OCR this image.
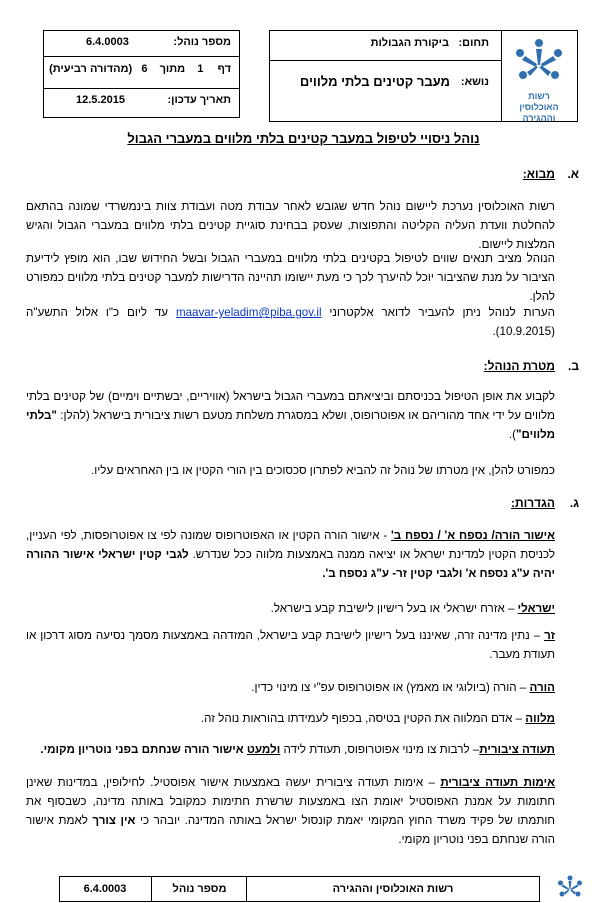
רשות האוכלוסין וההגירה
תחום:
ביקורת הגבולות
נושא:
מעבר קטינים בלתי מלווים
מספר נוהל:
6.4.0003
דף  1  מתוך  6  (מהדורה רביעית)
תאריך עדכון:
12.5.2015
נוהל ניסויי לטיפול במעבר קטינים בלתי מלווים במעברי הגבול
א.
מבוא:
רשות האוכלוסין נערכת ליישום נוהל חדש שגובש לאחר עבודת מטה ועבודת צוות בינמשרדי שמונה בהתאם להחלטת וועדת העליה הקליטה והתפוצות, שעסק בבחינת סוגיית קטינים בלתי מלווים במעברי הגבול והגיש המלצות ליישום.
הנוהל מציב תנאים שווים לטיפול בקטינים בלתי מלווים במעברי הגבול ובשל החידוש שבו, הוא מופץ לידיעת הציבור על מנת שהציבור יוכל להיערך לכך כי מעת יישומו תהיינה הדרישות למעבר קטינים בלתי מלווים כמפורט להלן.
הערות לנוהל ניתן להעביר לדואר אלקטרוני maavar-yeladim@piba.gov.il עד ליום כ"ו אלול התשע"ה (10.9.2015).
ב.
מטרת הנוהל:
לקבוע את אופן הטיפול בכניסתם וביציאתם במעברי הגבול בישראל (אוויריים, יבשתיים וימיים) של קטינים בלתי מלווים על ידי אחד מהוריהם או אפוטרופוס, ושלא במסגרת משלחת מטעם רשות ציבורית בישראל (להלן: "בלתי מלווים").
כמפורט להלן, אין מטרתו של נוהל זה להביא לפתרון סכסוכים בין הורי הקטין או בין האחראים עליו.
ג.
הגדרות:
אישור הורה/ נספח א' / נספח ב' - אישור הורה הקטין או האפוטרופוס שמונה לפי צו אפוטרופסות, לפי העניין, לכניסת הקטין למדינת ישראל או יציאה ממנה באמצעות מלווה ככל שנדרש. לגבי קטין ישראלי אישור ההורה יהיה ע"ג נספח א' ולגבי קטין זר- ע"ג נספח ב'.
ישראלי – אזרח ישראלי או בעל רישיון לישיבת קבע בישראל.
זר – נתין מדינה זרה, שאיננו בעל רישיון לישיבת קבע בישראל, המזדהה באמצעות מסמך נסיעה מסוג דרכון או תעודת מעבר.
הורה – הורה (ביולוגי או מאמץ) או אפוטרופוס עפ"י צו מינוי כדין.
מלווה – אדם המלווה את הקטין בטיסה, בכפוף לעמידתו בהוראות נוהל זה.
תעודה ציבורית– לרבות צו מינוי אפוטרופוס, תעודת לידה ולמעט אישור הורה שנחתם בפני נוטריון מקומי.
אימות תעודה ציבורית – אימות תעודה ציבורית יעשה באמצעות אישור אפוסטיל. לחילופין, במדינות שאינן חתומות על אמנת האפוסטיל יאומת הצו באמצעות שרשרת חתימות כמקובל באותה מדינה, כשבסוף את חותמתו של פקיד משרד החוץ המקומי יאמת קונסול ישראל באותה המדינה. יובהר כי אין צורך לאמת אישור הורה שנחתם בפני נוטריון מקומי.
רשות האוכלוסין וההגירה
מספר נוהל
6.4.0003
